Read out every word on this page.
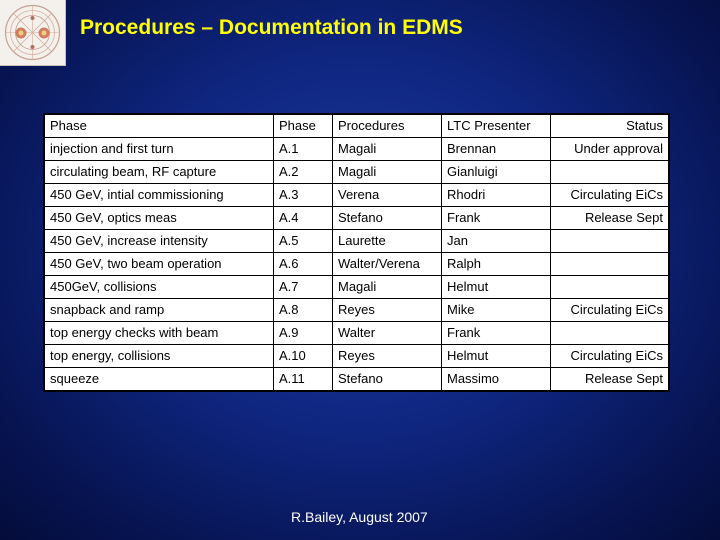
Procedures – Documentation in EDMS
Phase	Phase	Procedures	LTC Presenter	Status
injection and first turn	A.1	Magali	Brennan	Under approval
circulating beam, RF capture	A.2	Magali	Gianluigi	
450 GeV, intial commissioning	A.3	Verena	Rhodri	Circulating EiCs
450 GeV, optics meas	A.4	Stefano	Frank	Release Sept
450 GeV, increase intensity	A.5	Laurette	Jan	
450 GeV, two beam operation	A.6	Walter/Verena	Ralph	
450GeV, collisions	A.7	Magali	Helmut	
snapback and ramp	A.8	Reyes	Mike	Circulating EiCs
top energy checks with beam	A.9	Walter	Frank	
top energy, collisions	A.10	Reyes	Helmut	Circulating EiCs
squeeze	A.11	Stefano	Massimo	Release Sept
R.Bailey, August 2007
